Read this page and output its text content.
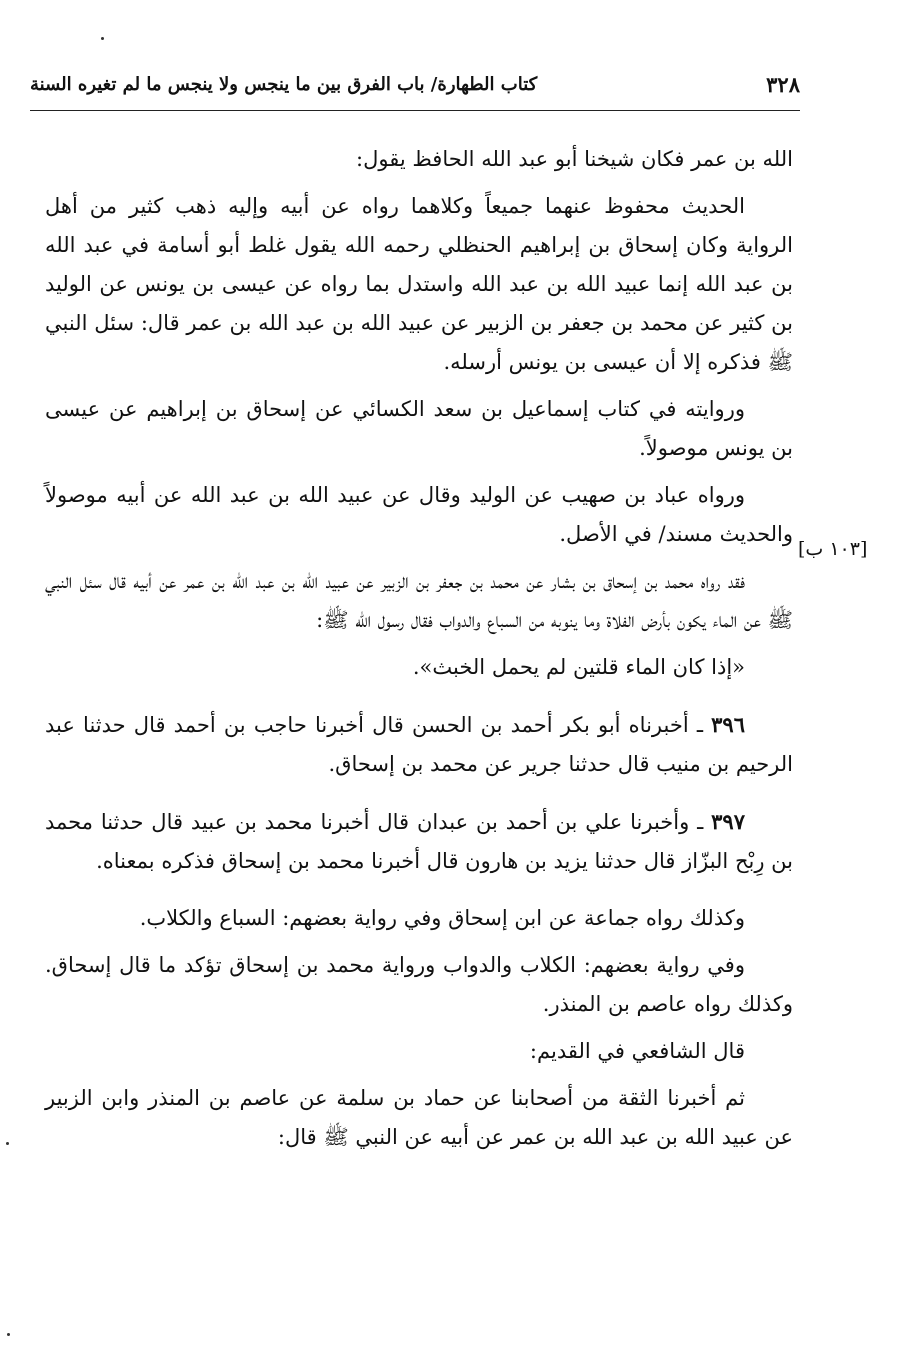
٣٢٨
كتاب الطهارة/ باب الفرق بين ما ينجس ولا ينجس ما لم تغيره السنة
[١٠٣ ب]

الله بن عمر فكان شيخنا أبو عبد الله الحافظ يقول:

الحديث محفوظ عنهما جميعاً وكلاهما رواه عن أبيه وإليه ذهب كثير من أهل الرواية وكان إسحاق بن إبراهيم الحنظلي رحمه الله يقول غلط أبو أسامة في عبد الله بن عبد الله إنما عبيد الله بن عبد الله واستدل بما رواه عن عيسى بن يونس عن الوليد بن كثير عن محمد بن جعفر بن الزبير عن عبيد الله بن عبد الله بن عمر قال: سئل النبي ﷺ فذكره إلا أن عيسى بن يونس أرسله.

وروايته في كتاب إسماعيل بن سعد الكسائي عن إسحاق بن إبراهيم عن عيسى بن يونس موصولاً.

ورواه عباد بن صهيب عن الوليد وقال عن عبيد الله بن عبد الله عن أبيه موصولاً والحديث مسند/ في الأصل.

فقد رواه محمد بن إسحاق بن بشار عن محمد بن جعفر بن الزبير عن عبيد الله بن عبد الله بن عمر عن أبيه قال سئل النبي ﷺ عن الماء يكون بأرض الفلاة وما ينوبه من السباع والدواب فقال رسول الله ﷺ:

«إذا كان الماء قلتين لم يحمل الخبث».

٣٩٦ ـ أخبرناه أبو بكر أحمد بن الحسن قال أخبرنا حاجب بن أحمد قال حدثنا عبد الرحيم بن منيب قال حدثنا جرير عن محمد بن إسحاق.

٣٩٧ ـ وأخبرنا علي بن أحمد بن عبدان قال أخبرنا محمد بن عبيد قال حدثنا محمد بن رِبْح البزّاز قال حدثنا يزيد بن هارون قال أخبرنا محمد بن إسحاق فذكره بمعناه.

وكذلك رواه جماعة عن ابن إسحاق وفي رواية بعضهم: السباع والكلاب.

وفي رواية بعضهم: الكلاب والدواب ورواية محمد بن إسحاق تؤكد ما قال إسحاق. وكذلك رواه عاصم بن المنذر.

قال الشافعي في القديم:

ثم أخبرنا الثقة من أصحابنا عن حماد بن سلمة عن عاصم بن المنذر وابن الزبير عن عبيد الله بن عبد الله بن عمر عن أبيه عن النبي ﷺ قال:
